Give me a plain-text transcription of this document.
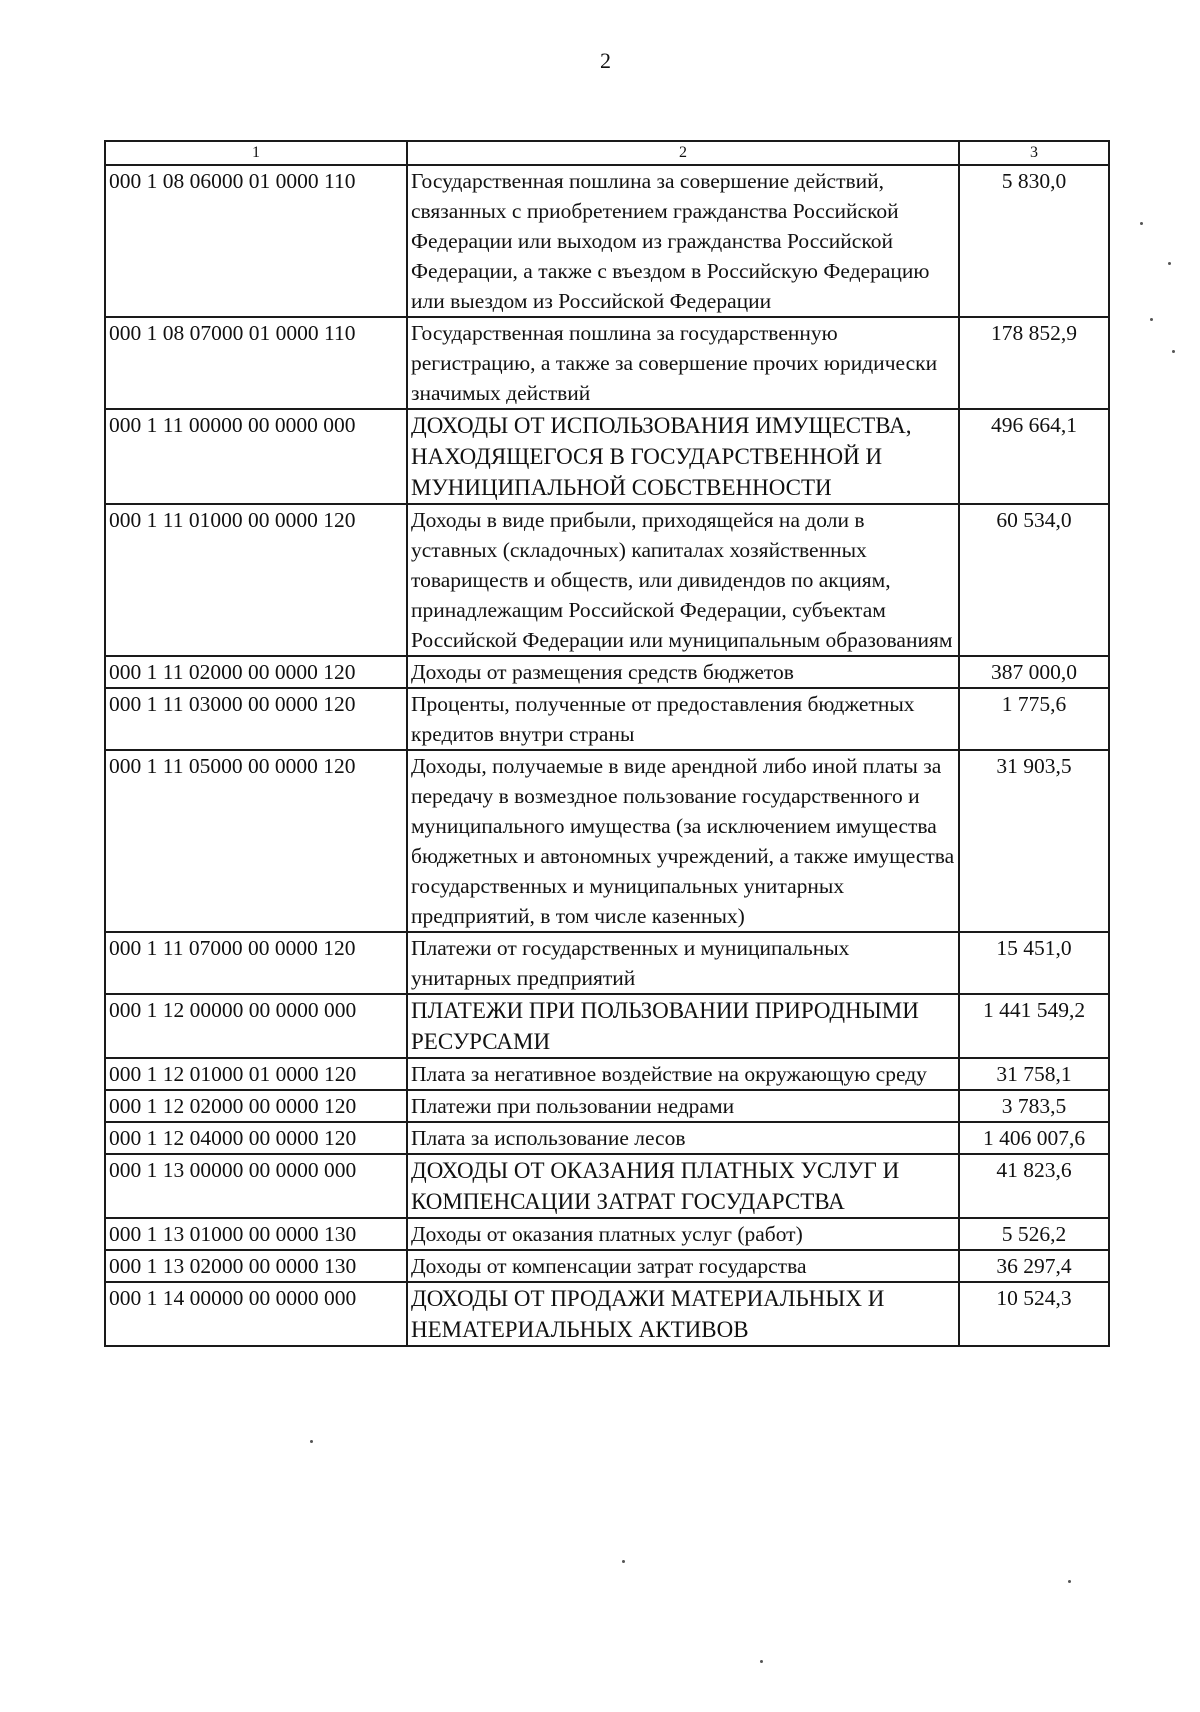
2
1	2	3
000 1 08 06000 01 0000 110	Государственная пошлина за совершение действий, связанных с приобретением гражданства Российской Федерации или выходом из гражданства Российской Федерации, а также с въездом в Российскую Федерацию или выездом из Российской Федерации	5 830,0
000 1 08 07000 01 0000 110	Государственная пошлина за государственную регистрацию, а также за совершение прочих юридически значимых действий	178 852,9
000 1 11 00000 00 0000 000	ДОХОДЫ ОТ ИСПОЛЬЗОВАНИЯ ИМУЩЕСТВА, НАХОДЯЩЕГОСЯ В ГОСУДАРСТВЕННОЙ И МУНИЦИПАЛЬНОЙ СОБСТВЕННОСТИ	496 664,1
000 1 11 01000 00 0000 120	Доходы в виде прибыли, приходящейся на доли в уставных (складочных) капиталах хозяйственных товариществ и обществ, или дивидендов по акциям, принадлежащим Российской Федерации, субъектам Российской Федерации или муниципальным образованиям	60 534,0
000 1 11 02000 00 0000 120	Доходы от размещения средств бюджетов	387 000,0
000 1 11 03000 00 0000 120	Проценты, полученные от предоставления бюджетных кредитов внутри страны	1 775,6
000 1 11 05000 00 0000 120	Доходы, получаемые в виде арендной либо иной платы за передачу в возмездное пользование государственного и муниципального имущества (за исключением имущества бюджетных и автономных учреждений, а также имущества государственных и муниципальных унитарных предприятий, в том числе казенных)	31 903,5
000 1 11 07000 00 0000 120	Платежи от государственных и муниципальных унитарных предприятий	15 451,0
000 1 12 00000 00 0000 000	ПЛАТЕЖИ ПРИ ПОЛЬЗОВАНИИ ПРИРОДНЫМИ РЕСУРСАМИ	1 441 549,2
000 1 12 01000 01 0000 120	Плата за негативное воздействие на окружающую среду	31 758,1
000 1 12 02000 00 0000 120	Платежи при пользовании недрами	3 783,5
000 1 12 04000 00 0000 120	Плата за использование лесов	1 406 007,6
000 1 13 00000 00 0000 000	ДОХОДЫ ОТ ОКАЗАНИЯ ПЛАТНЫХ УСЛУГ И КОМПЕНСАЦИИ ЗАТРАТ ГОСУДАРСТВА	41 823,6
000 1 13 01000 00 0000 130	Доходы от оказания платных услуг (работ)	5 526,2
000 1 13 02000 00 0000 130	Доходы от компенсации затрат государства	36 297,4
000 1 14 00000 00 0000 000	ДОХОДЫ ОТ ПРОДАЖИ МАТЕРИАЛЬНЫХ И НЕМАТЕРИАЛЬНЫХ АКТИВОВ	10 524,3
